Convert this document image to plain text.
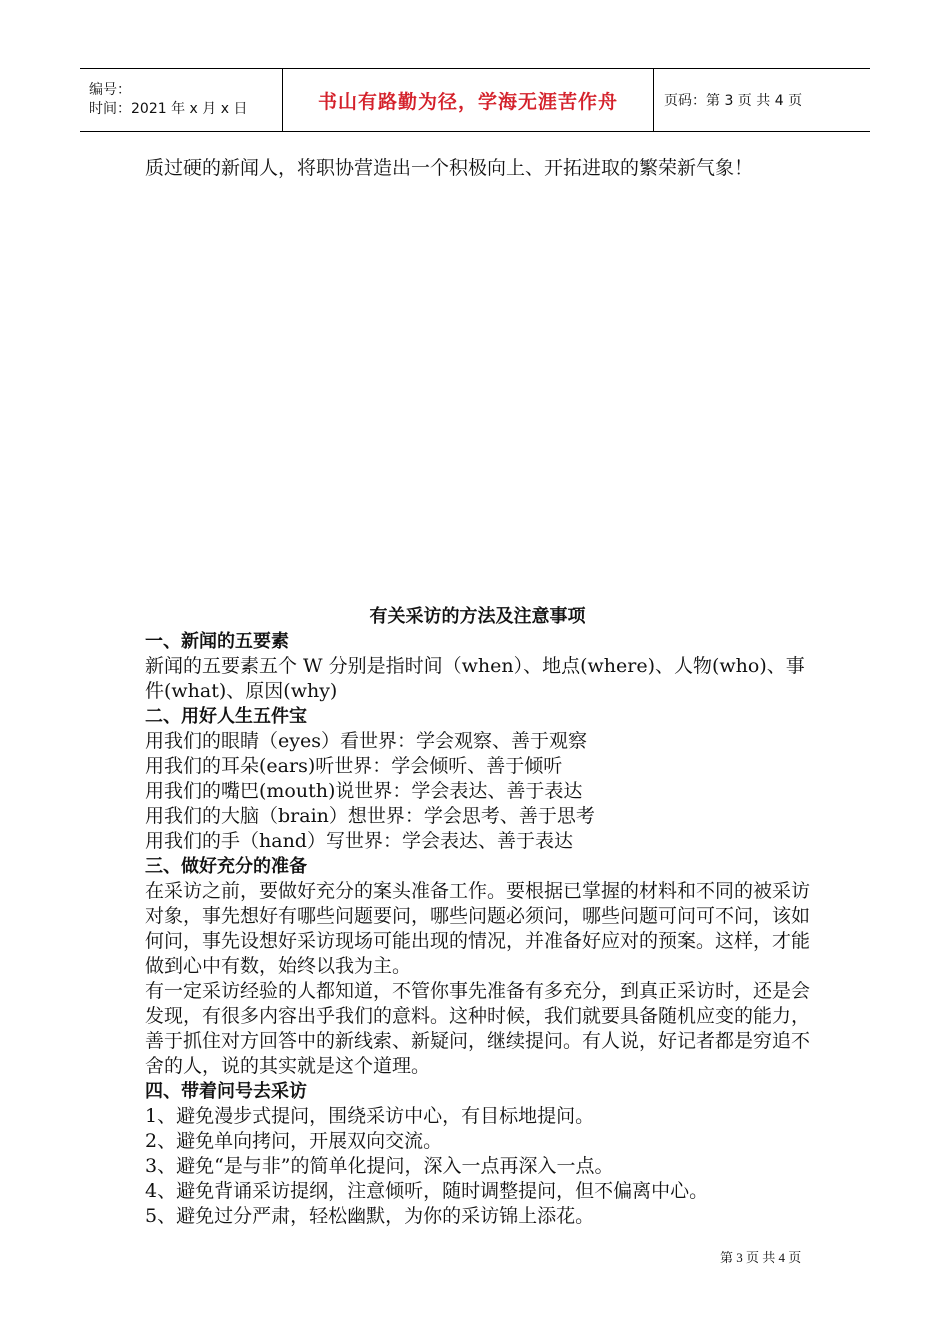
编号：
时间：2021 年 x 月 x 日	书山有路勤为径，学海无涯苦作舟	页码：第 3 页 共 4 页

质过硬的新闻人，将职协营造出一个积极向上、开拓进取的繁荣新气象！

有关采访的方法及注意事项

一、新闻的五要素

新闻的五要素五个 W 分别是指时间（when）、地点(where)、人物(who)、事件(what)、原因(why)

二、用好人生五件宝

用我们的眼睛（eyes）看世界：学会观察、善于观察

用我们的耳朵(ears)听世界：学会倾听、善于倾听

用我们的嘴巴(mouth)说世界：学会表达、善于表达

用我们的大脑（brain）想世界：学会思考、善于思考

用我们的手（hand）写世界：学会表达、善于表达

三、做好充分的准备

在采访之前，要做好充分的案头准备工作。要根据已掌握的材料和不同的被采访对象，事先想好有哪些问题要问，哪些问题必须问，哪些问题可问可不问，该如何问，事先设想好采访现场可能出现的情况，并准备好应对的预案。这样，才能做到心中有数，始终以我为主。

有一定采访经验的人都知道，不管你事先准备有多充分，到真正采访时，还是会发现，有很多内容出乎我们的意料。这种时候，我们就要具备随机应变的能力，善于抓住对方回答中的新线索、新疑问，继续提问。有人说，好记者都是穷追不舍的人，说的其实就是这个道理。

四、带着问号去采访

1、避免漫步式提问，围绕采访中心，有目标地提问。

2、避免单向拷问，开展双向交流。

3、避免“是与非”的简单化提问，深入一点再深入一点。

4、避免背诵采访提纲，注意倾听，随时调整提问，但不偏离中心。

5、避免过分严肃，轻松幽默，为你的采访锦上添花。

第 3 页 共 4 页
